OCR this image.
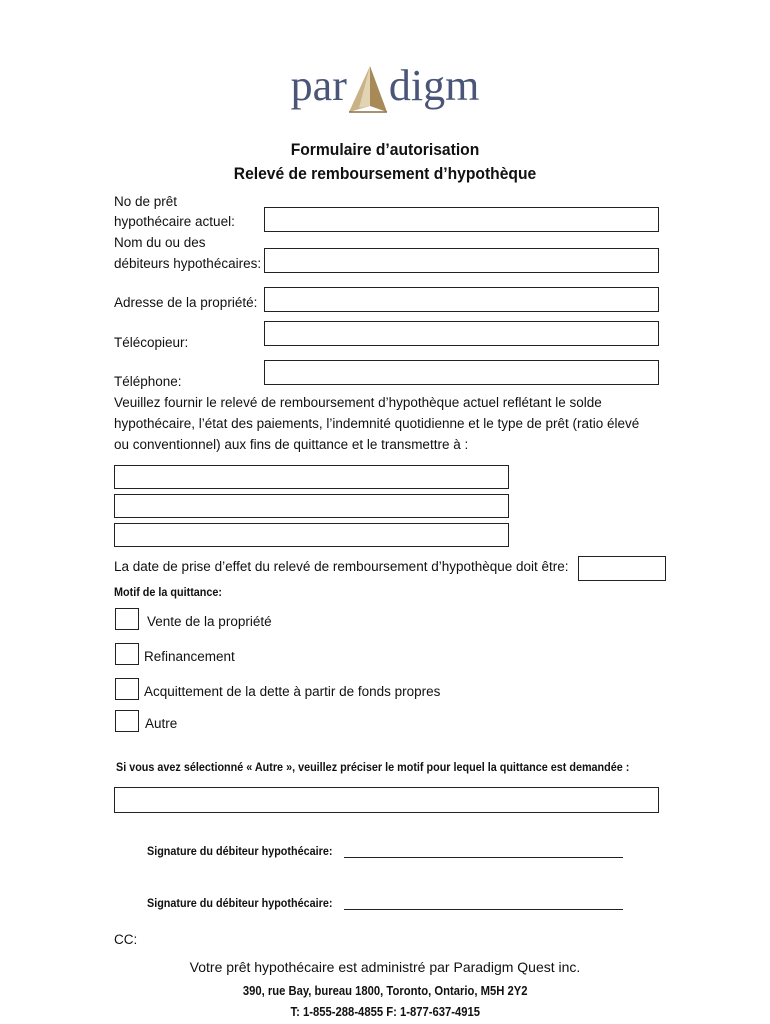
par digm
Formulaire d’autorisation
Relevé de remboursement d’hypothèque
No de prêt
hypothécaire actuel:
Nom du ou des
débiteurs hypothécaires:
Adresse de la propriété:
Télécopieur:
Téléphone:
Veuillez fournir le relevé de remboursement d’hypothèque actuel reflétant le solde
hypothécaire, l’état des paiements, l’indemnité quotidienne et le type de prêt (ratio élevé
ou conventionnel) aux fins de quittance et le transmettre à :
La date de prise d’effet du relevé de remboursement d’hypothèque doit être:
Motif de la quittance:
Vente de la propriété
Refinancement
Acquittement de la dette à partir de fonds propres
Autre
Si vous avez sélectionné « Autre », veuillez préciser le motif pour lequel la quittance est demandée :
Signature du débiteur hypothécaire:
Signature du débiteur hypothécaire:
CC:
Votre prêt hypothécaire est administré par Paradigm Quest inc.
390, rue Bay, bureau 1800, Toronto, Ontario, M5H 2Y2
T: 1-855-288-4855 F: 1-877-637-4915
